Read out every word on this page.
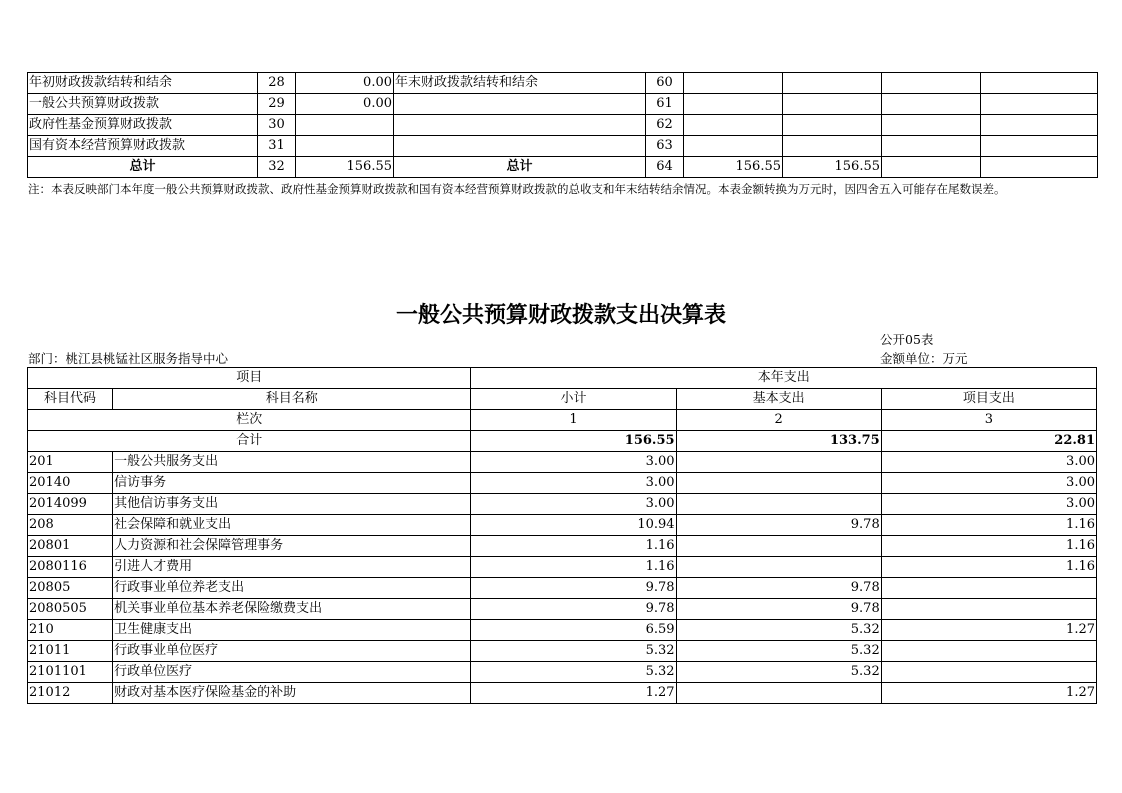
年初财政拨款结转和结余	28	0.00	年末财政拨款结转和结余	60				
一般公共预算财政拨款	29	0.00		61				
政府性基金预算财政拨款	30			62				
国有资本经营预算财政拨款	31			63				
总计	32	156.55	总计	64	156.55	156.55		
注：本表反映部门本年度一般公共预算财政拨款、政府性基金预算财政拨款和国有资本经营预算财政拨款的总收支和年末结转结余情况。本表金额转换为万元时，因四舍五入可能存在尾数误差。
一般公共预算财政拨款支出决算表
公开05表
部门：桃江县桃锰社区服务指导中心	金额单位：万元
项目		本年支出		
科目代码	科目名称	小计	基本支出	项目支出
栏次		1	2	3
合计		156.55	133.75	22.81
201	一般公共服务支出	3.00		3.00
20140	信访事务	3.00		3.00
2014099	其他信访事务支出	3.00		3.00
208	社会保障和就业支出	10.94	9.78	1.16
20801	人力资源和社会保障管理事务	1.16		1.16
2080116	引进人才费用	1.16		1.16
20805	行政事业单位养老支出	9.78	9.78	
2080505	机关事业单位基本养老保险缴费支出	9.78	9.78	
210	卫生健康支出	6.59	5.32	1.27
21011	行政事业单位医疗	5.32	5.32	
2101101	行政单位医疗	5.32	5.32	
21012	财政对基本医疗保险基金的补助	1.27		1.27
